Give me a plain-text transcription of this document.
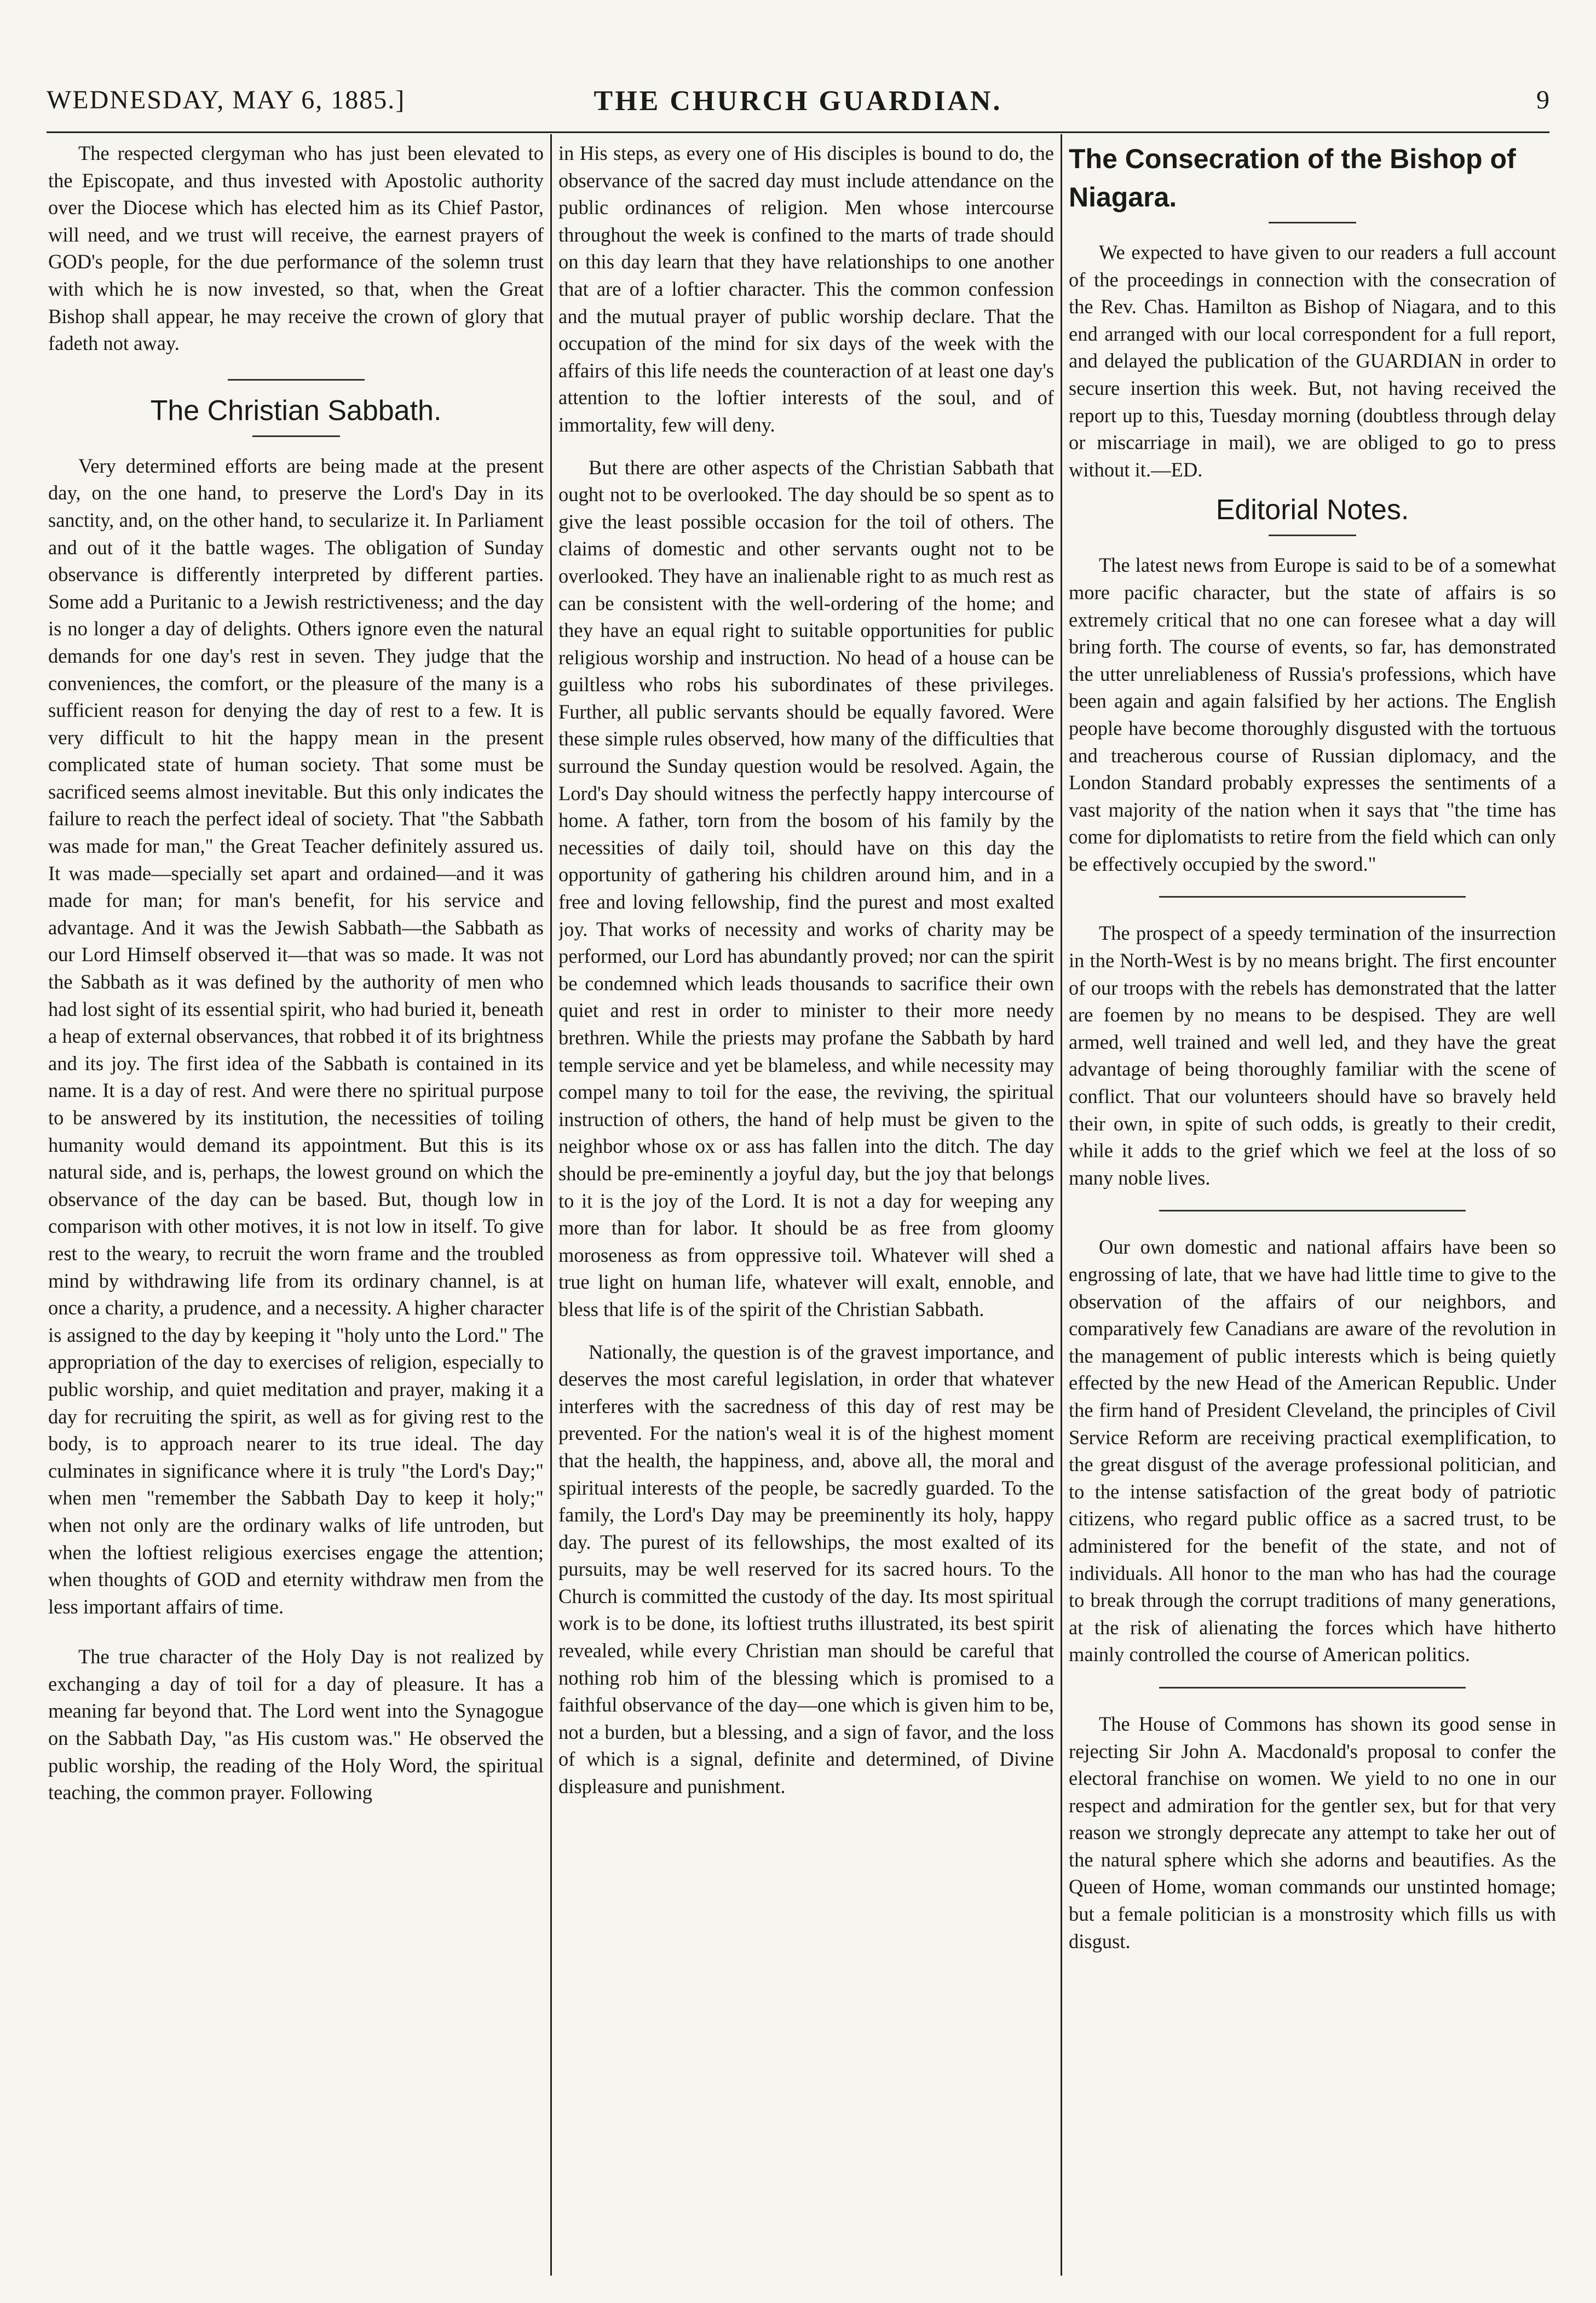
WEDNESDAY, MAY 6, 1885.]	THE CHURCH GUARDIAN.	9

The respected clergyman who has just been elevated to the Episcopate, and thus invested with Apostolic authority over the Diocese which has elected him as its Chief Pastor, will need, and we trust will receive, the earnest prayers of GOD's people, for the due performance of the solemn trust with which he is now invested, so that, when the Great Bishop shall appear, he may receive the crown of glory that fadeth not away.

The Christian Sabbath.

Very determined efforts are being made at the present day, on the one hand, to preserve the Lord's Day in its sanctity, and, on the other hand, to secularize it. In Parliament and out of it the battle wages. The obligation of Sunday observance is differently interpreted by different parties. Some add a Puritanic to a Jewish restrictiveness; and the day is no longer a day of delights. Others ignore even the natural demands for one day's rest in seven. They judge that the conveniences, the comfort, or the pleasure of the many is a sufficient reason for denying the day of rest to a few. It is very difficult to hit the happy mean in the present complicated state of human society. That some must be sacrificed seems almost inevitable. But this only indicates the failure to reach the perfect ideal of society. That "the Sabbath was made for man," the Great Teacher definitely assured us. It was made—specially set apart and ordained—and it was made for man; for man's benefit, for his service and advantage. And it was the Jewish Sabbath—the Sabbath as our Lord Himself observed it—that was so made. It was not the Sabbath as it was defined by the authority of men who had lost sight of its essential spirit, who had buried it, beneath a heap of external observances, that robbed it of its brightness and its joy. The first idea of the Sabbath is contained in its name. It is a day of rest. And were there no spiritual purpose to be answered by its institution, the necessities of toiling humanity would demand its appointment. But this is its natural side, and is, perhaps, the lowest ground on which the observance of the day can be based. But, though low in comparison with other motives, it is not low in itself. To give rest to the weary, to recruit the worn frame and the troubled mind by withdrawing life from its ordinary channel, is at once a charity, a prudence, and a necessity. A higher character is assigned to the day by keeping it "holy unto the Lord." The appropriation of the day to exercises of religion, especially to public worship, and quiet meditation and prayer, making it a day for recruiting the spirit, as well as for giving rest to the body, is to approach nearer to its true ideal. The day culminates in significance where it is truly "the Lord's Day;" when men "remember the Sabbath Day to keep it holy;" when not only are the ordinary walks of life untroden, but when the loftiest religious exercises engage the attention; when thoughts of GOD and eternity withdraw men from the less important affairs of time.

The true character of the Holy Day is not realized by exchanging a day of toil for a day of pleasure. It has a meaning far beyond that. The Lord went into the Synagogue on the Sabbath Day, "as His custom was." He observed the public worship, the reading of the Holy Word, the spiritual teaching, the common prayer. Following

in His steps, as every one of His disciples is bound to do, the observance of the sacred day must include attendance on the public ordinances of religion. Men whose intercourse throughout the week is confined to the marts of trade should on this day learn that they have relationships to one another that are of a loftier character. This the common confession and the mutual prayer of public worship declare. That the occupation of the mind for six days of the week with the affairs of this life needs the counteraction of at least one day's attention to the loftier interests of the soul, and of immortality, few will deny.

But there are other aspects of the Christian Sabbath that ought not to be overlooked. The day should be so spent as to give the least possible occasion for the toil of others. The claims of domestic and other servants ought not to be overlooked. They have an inalienable right to as much rest as can be consistent with the well-ordering of the home; and they have an equal right to suitable opportunities for public religious worship and instruction. No head of a house can be guiltless who robs his subordinates of these privileges. Further, all public servants should be equally favored. Were these simple rules observed, how many of the difficulties that surround the Sunday question would be resolved. Again, the Lord's Day should witness the perfectly happy intercourse of home. A father, torn from the bosom of his family by the necessities of daily toil, should have on this day the opportunity of gathering his children around him, and in a free and loving fellowship, find the purest and most exalted joy. That works of necessity and works of charity may be performed, our Lord has abundantly proved; nor can the spirit be condemned which leads thousands to sacrifice their own quiet and rest in order to minister to their more needy brethren. While the priests may profane the Sabbath by hard temple service and yet be blameless, and while necessity may compel many to toil for the ease, the reviving, the spiritual instruction of others, the hand of help must be given to the neighbor whose ox or ass has fallen into the ditch. The day should be pre-eminently a joyful day, but the joy that belongs to it is the joy of the Lord. It is not a day for weeping any more than for labor. It should be as free from gloomy moroseness as from oppressive toil. Whatever will shed a true light on human life, whatever will exalt, ennoble, and bless that life is of the spirit of the Christian Sabbath.

Nationally, the question is of the gravest importance, and deserves the most careful legislation, in order that whatever interferes with the sacredness of this day of rest may be prevented. For the nation's weal it is of the highest moment that the health, the happiness, and, above all, the moral and spiritual interests of the people, be sacredly guarded. To the family, the Lord's Day may be preeminently its holy, happy day. The purest of its fellowships, the most exalted of its pursuits, may be well reserved for its sacred hours. To the Church is committed the custody of the day. Its most spiritual work is to be done, its loftiest truths illustrated, its best spirit revealed, while every Christian man should be careful that nothing rob him of the blessing which is promised to a faithful observance of the day—one which is given him to be, not a burden, but a blessing, and a sign of favor, and the loss of which is a signal, definite and determined, of Divine displeasure and punishment.

The Consecration of the Bishop of Niagara.

We expected to have given to our readers a full account of the proceedings in connection with the consecration of the Rev. Chas. Hamilton as Bishop of Niagara, and to this end arranged with our local correspondent for a full report, and delayed the publication of the GUARDIAN in order to secure insertion this week. But, not having received the report up to this, Tuesday morning (doubtless through delay or miscarriage in mail), we are obliged to go to press without it.—ED.

Editorial Notes.

The latest news from Europe is said to be of a somewhat more pacific character, but the state of affairs is so extremely critical that no one can foresee what a day will bring forth. The course of events, so far, has demonstrated the utter unreliableness of Russia's professions, which have been again and again falsified by her actions. The English people have become thoroughly disgusted with the tortuous and treacherous course of Russian diplomacy, and the London Standard probably expresses the sentiments of a vast majority of the nation when it says that "the time has come for diplomatists to retire from the field which can only be effectively occupied by the sword."

The prospect of a speedy termination of the insurrection in the North-West is by no means bright. The first encounter of our troops with the rebels has demonstrated that the latter are foemen by no means to be despised. They are well armed, well trained and well led, and they have the great advantage of being thoroughly familiar with the scene of conflict. That our volunteers should have so bravely held their own, in spite of such odds, is greatly to their credit, while it adds to the grief which we feel at the loss of so many noble lives.

Our own domestic and national affairs have been so engrossing of late, that we have had little time to give to the observation of the affairs of our neighbors, and comparatively few Canadians are aware of the revolution in the management of public interests which is being quietly effected by the new Head of the American Republic. Under the firm hand of President Cleveland, the principles of Civil Service Reform are receiving practical exemplification, to the great disgust of the average professional politician, and to the intense satisfaction of the great body of patriotic citizens, who regard public office as a sacred trust, to be administered for the benefit of the state, and not of individuals. All honor to the man who has had the courage to break through the corrupt traditions of many generations, at the risk of alienating the forces which have hitherto mainly controlled the course of American politics.

The House of Commons has shown its good sense in rejecting Sir John A. Macdonald's proposal to confer the electoral franchise on women. We yield to no one in our respect and admiration for the gentler sex, but for that very reason we strongly deprecate any attempt to take her out of the natural sphere which she adorns and beautifies. As the Queen of Home, woman commands our unstinted homage; but a female politician is a monstrosity which fills us with disgust.
